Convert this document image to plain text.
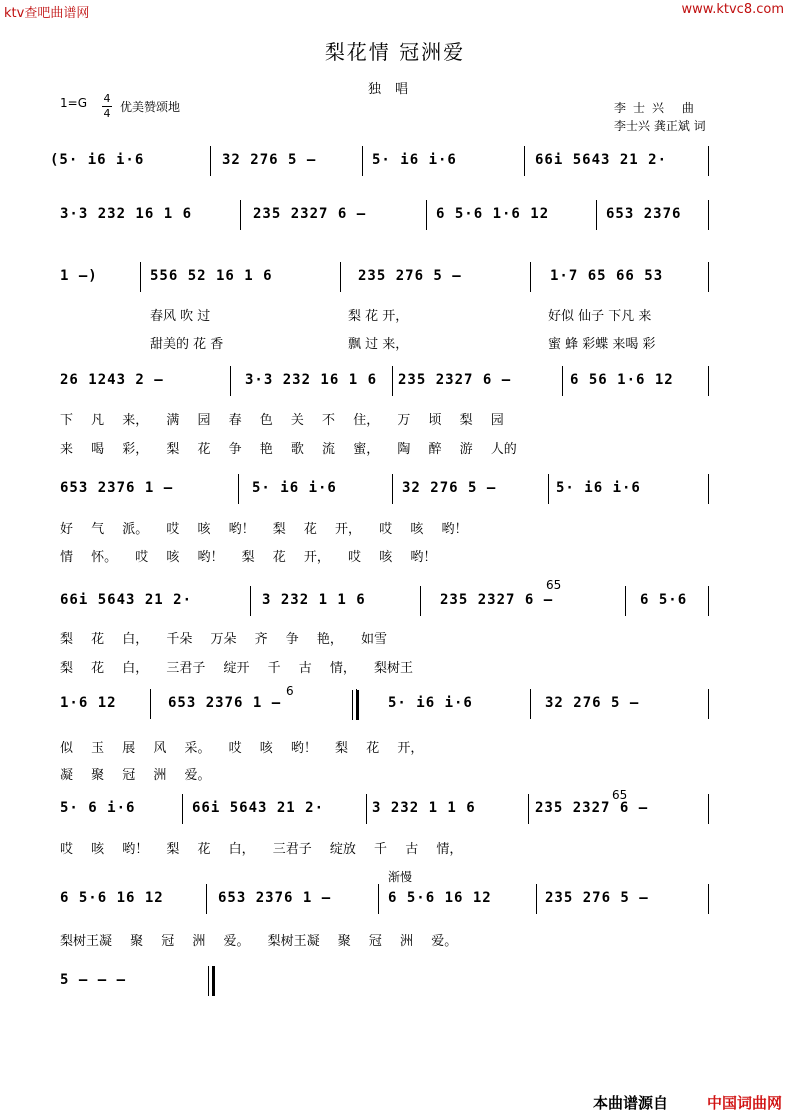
ktv查吧曲谱网	www.ktvc8.com
梨花情 冠洲爱
独唱
1=G 4
4 优美赞颂地	李士兴 曲
李士兴 龚正斌 词
(5· i6 i·6	32 276 5 —	5· i6 i·6	66i 5643 21 2·
3·3 232 16 1 6	235 2327 6 —	6 5·6 1·6 12	653 2376
1 —)	556 52 16 1 6	235 276 5 —	1·7 65 66 53
26 1243 2 —	3·3 232 16 1 6 235 2327 6 —	6 56 1·6 12
653 2376 1 —	5· i6 i·6	32 276 5 —	5· i6 i·6
66i 5643 21 2·	3 232 1 1 6	235 2327 6 —	6 5·6
1·6 12	653 2376 1 —	5· i6 i·6	32 276 5 —
5· 6 i·6	66i 5643 21 2·	3 232 1 1 6	235 2327 6 —
6 5·6 16 12	653 2376 1 —	6 5·6 16 12	235 276 5 —
5 — — —
春风 吹 过	梨 花 开，	好似 仙子 下凡 来
甜美的 花 香	飘 过 来，	蜜 蜂 彩蝶 来喝 彩
下 凡 来， 满 园 春 色 关 不 住， 万 顷 梨 园
来 喝 彩， 梨 花 争 艳 歌 流 蜜， 陶 醉 游 人的
好 气 派。 哎 咳 哟！ 梨 花 开， 哎 咳 哟！
情 怀。 哎 咳 哟！ 梨 花 开， 哎 咳 哟！
梨 花 白， 千朵 万朵 齐 争 艳， 如雪
梨 花 白， 三君子 绽开 千 古 情， 梨树王
似 玉 展 风 采。 哎 咳 哟！ 梨 花 开，
凝 聚 冠 洲 爱。
哎 咳 哟！ 梨 花 白， 三君子 绽放 千 古 情，
梨树王凝 聚 冠 洲 爱。 梨树王凝 聚 冠 洲 爱。
渐慢
65
6
65
本曲谱源自	中国词曲网
